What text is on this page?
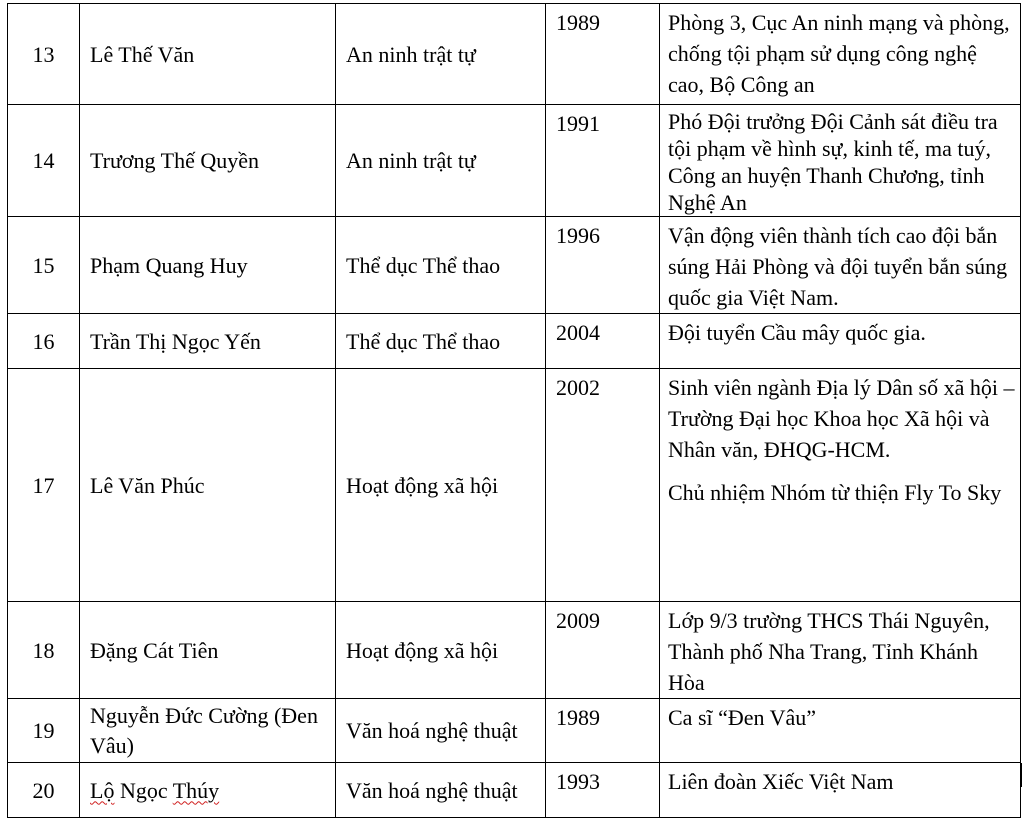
13	Lê Thế Văn	An ninh trật tự	1989	Phòng 3, Cục An ninh mạng và phòng, chống tội phạm sử dụng công nghệ cao, Bộ Công an

14	Trương Thế Quyền	An ninh trật tự	1991	Phó Đội trưởng Đội Cảnh sát điều tra tội phạm về hình sự, kinh tế, ma tuý, Công an huyện Thanh Chương, tỉnh Nghệ An

15	Phạm Quang Huy	Thể dục Thể thao	1996	Vận động viên thành tích cao đội bắn súng Hải Phòng và đội tuyển bắn súng quốc gia Việt Nam.

16	Trần Thị Ngọc Yến	Thể dục Thể thao	2004	Đội tuyển Cầu mây quốc gia.

17	Lê Văn Phúc	Hoạt động xã hội	2002	Sinh viên ngành Địa lý Dân số xã hội – Trường Đại học Khoa học Xã hội và Nhân văn, ĐHQG-HCM.

Chủ nhiệm Nhóm từ thiện Fly To Sky

18	Đặng Cát Tiên	Hoạt động xã hội	2009	Lớp 9/3 trường THCS Thái Nguyên, Thành phố Nha Trang, Tỉnh Khánh Hòa

19	Nguyễn Đức Cường (Đen Vâu)	Văn hoá nghệ thuật	1989	Ca sĩ “Đen Vâu”

20	Lộ Ngọc Thúy	Văn hoá nghệ thuật	1993	Liên đoàn Xiếc Việt Nam
